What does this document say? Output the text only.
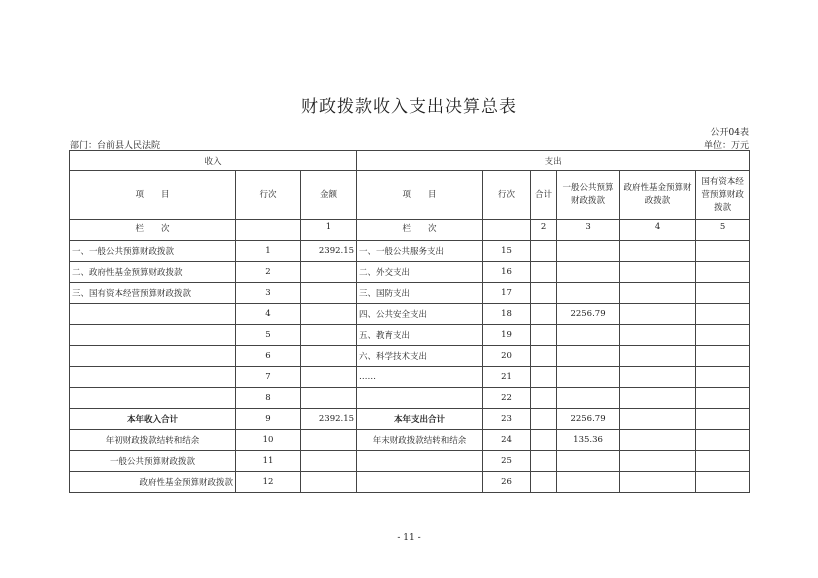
财政拨款收入支出决算总表
公开04表
部门：台前县人民法院	单位：万元
收入			支出					
项　　目	行次	金额	项　　目	行次	合计	一般公共预算财政拨款	政府性基金预算财政拨款	国有资本经营预算财政拨款
栏　　次		1	栏　　次		2	3	4	5
一、一般公共预算财政拨款	1	2392.15	一、一般公共服务支出	15				
二、政府性基金预算财政拨款	2		二、外交支出	16				
三、国有资本经营预算财政拨款	3		三、国防支出	17				
	4		四、公共安全支出	18		2256.79		
	5		五、教育支出	19				
	6		六、科学技术支出	20				
	7		……	21				
	8			22				
本年收入合计	9	2392.15	本年支出合计	23		2256.79		
年初财政拨款结转和结余	10		年末财政拨款结转和结余	24		135.36		
一般公共预算财政拨款	11			25				
政府性基金预算财政拨款	12			26				
- 11 -
